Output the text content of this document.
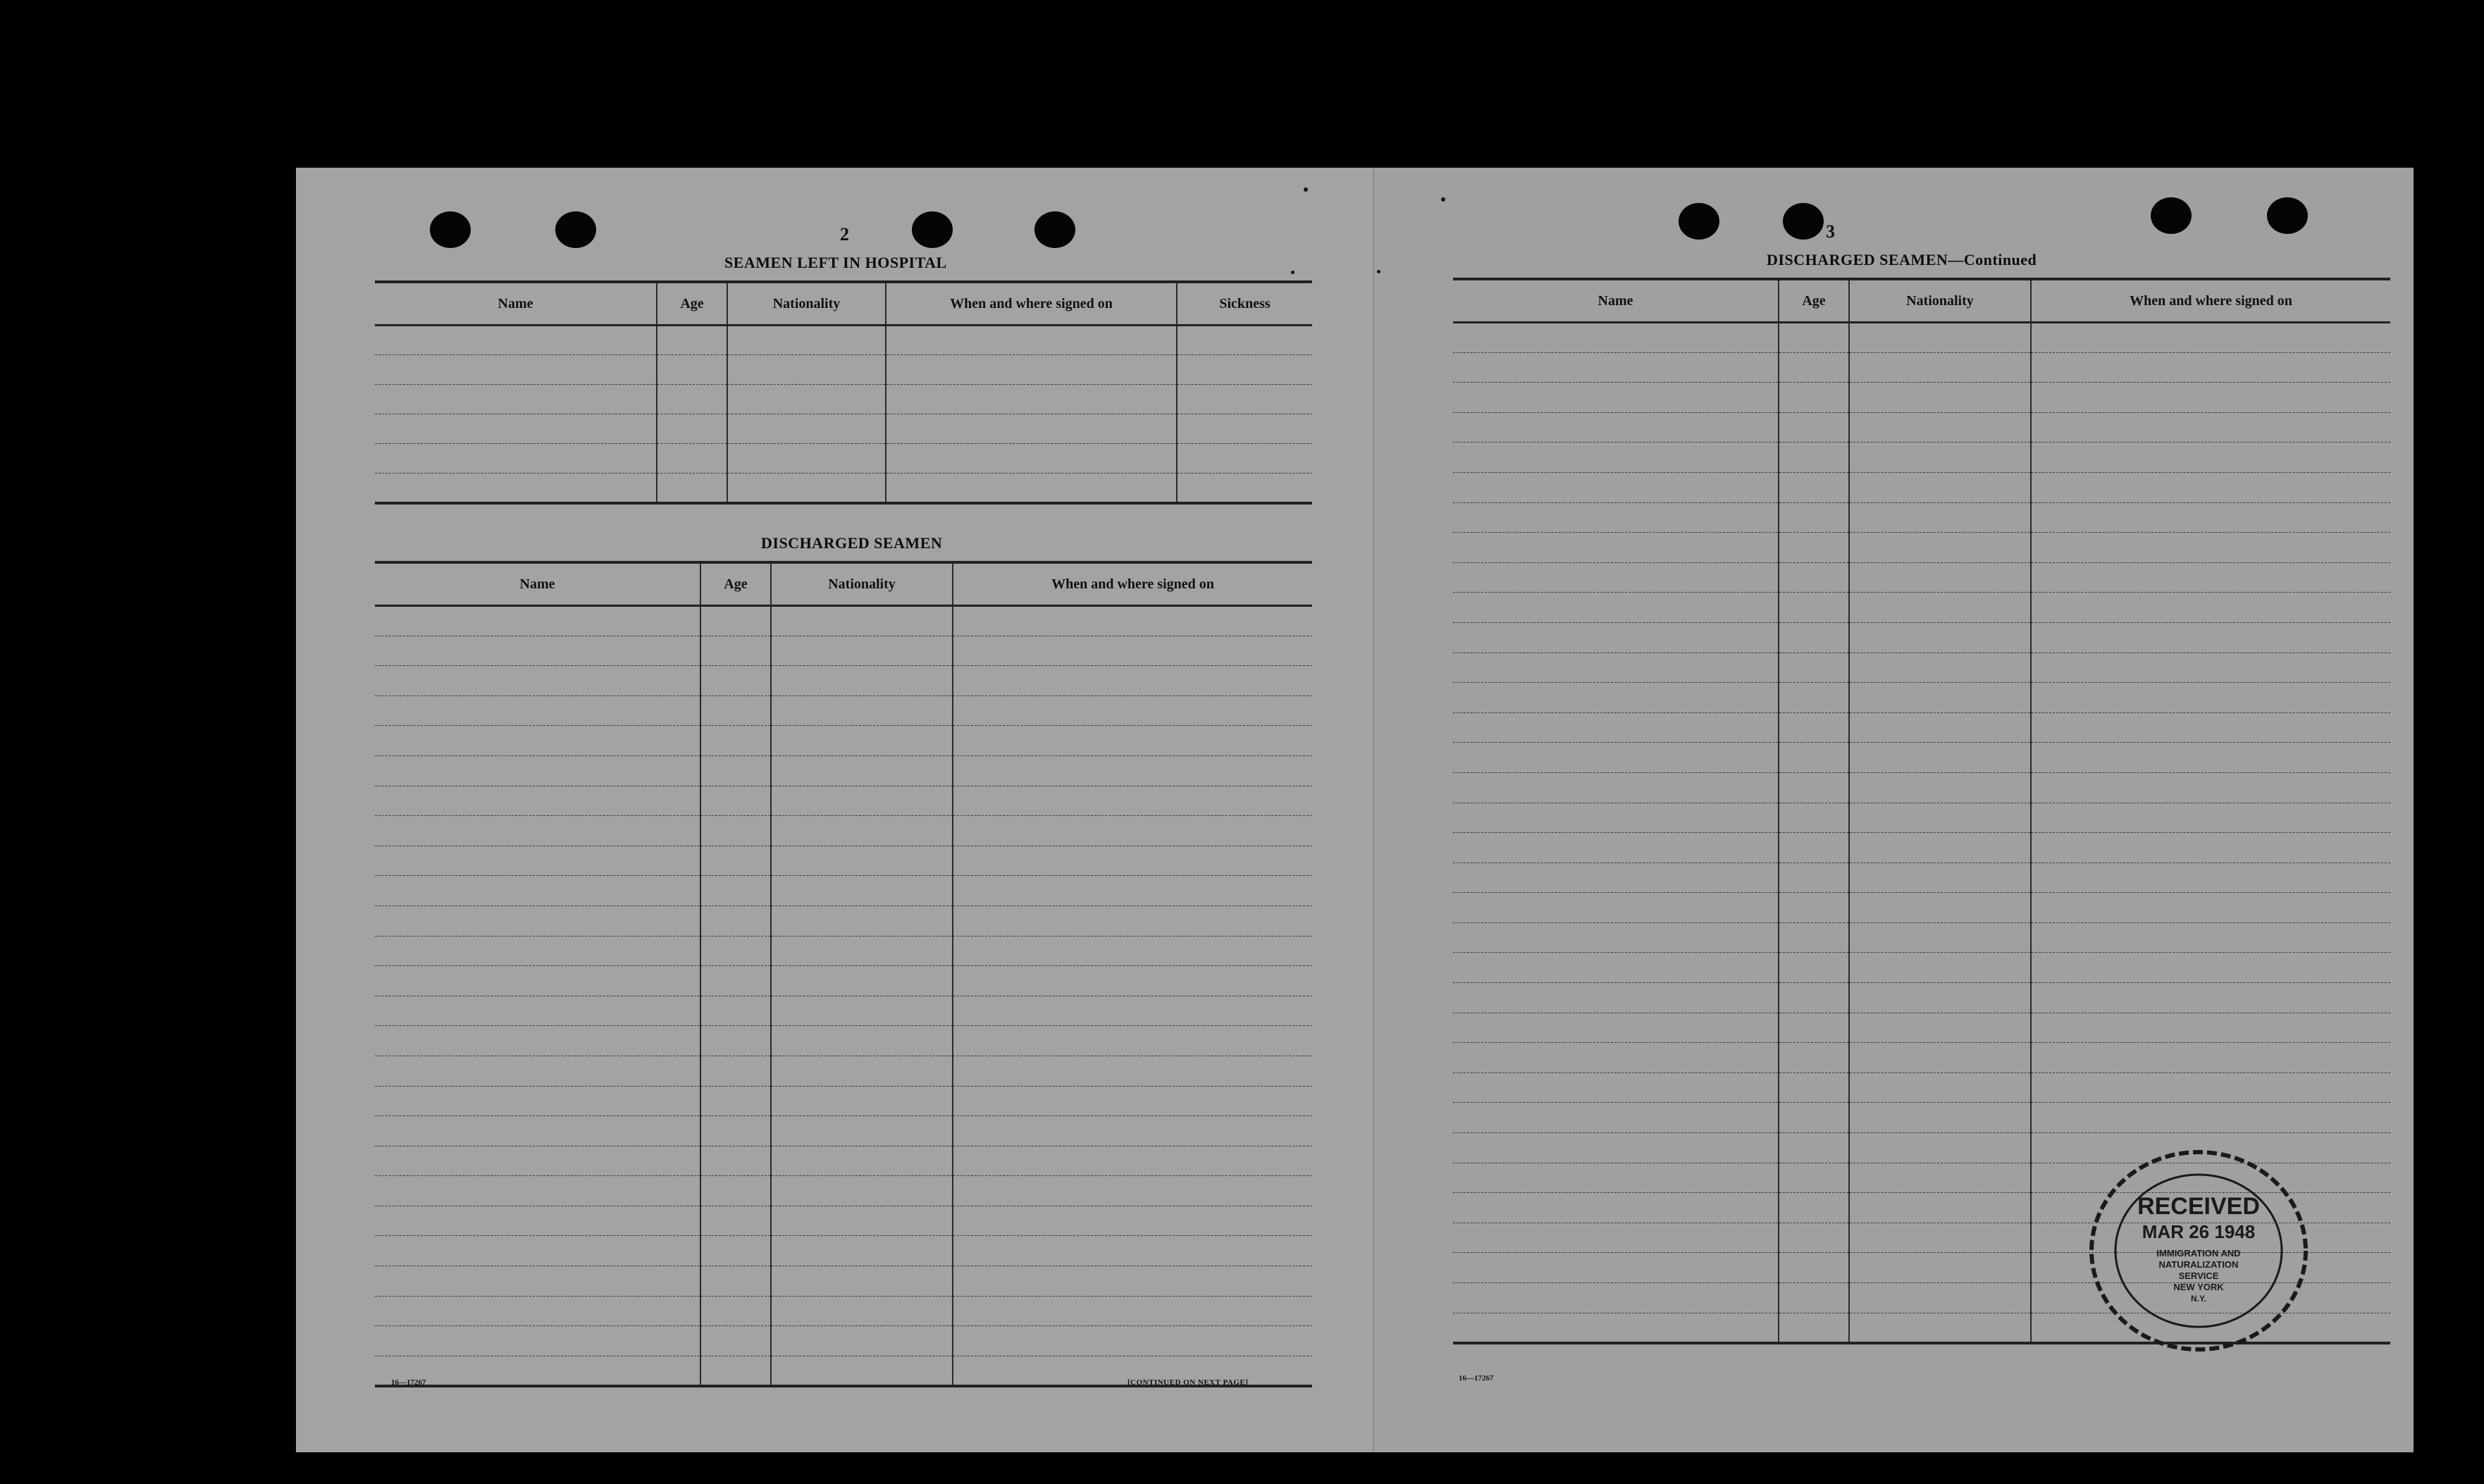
2
SEAMEN LEFT IN HOSPITAL
Name	Age	Nationality	When and where signed on	Sickness

DISCHARGED SEAMEN
Name	Age	Nationality	When and where signed on

16—17267	[CONTINUED ON NEXT PAGE]
3
DISCHARGED SEAMEN—Continued
Name	Age	Nationality	When and where signed on

16—17267
RECEIVED
MAR 26 1948
IMMIGRATION AND
NATURALIZATION
SERVICE
NEW YORK
N.Y.
